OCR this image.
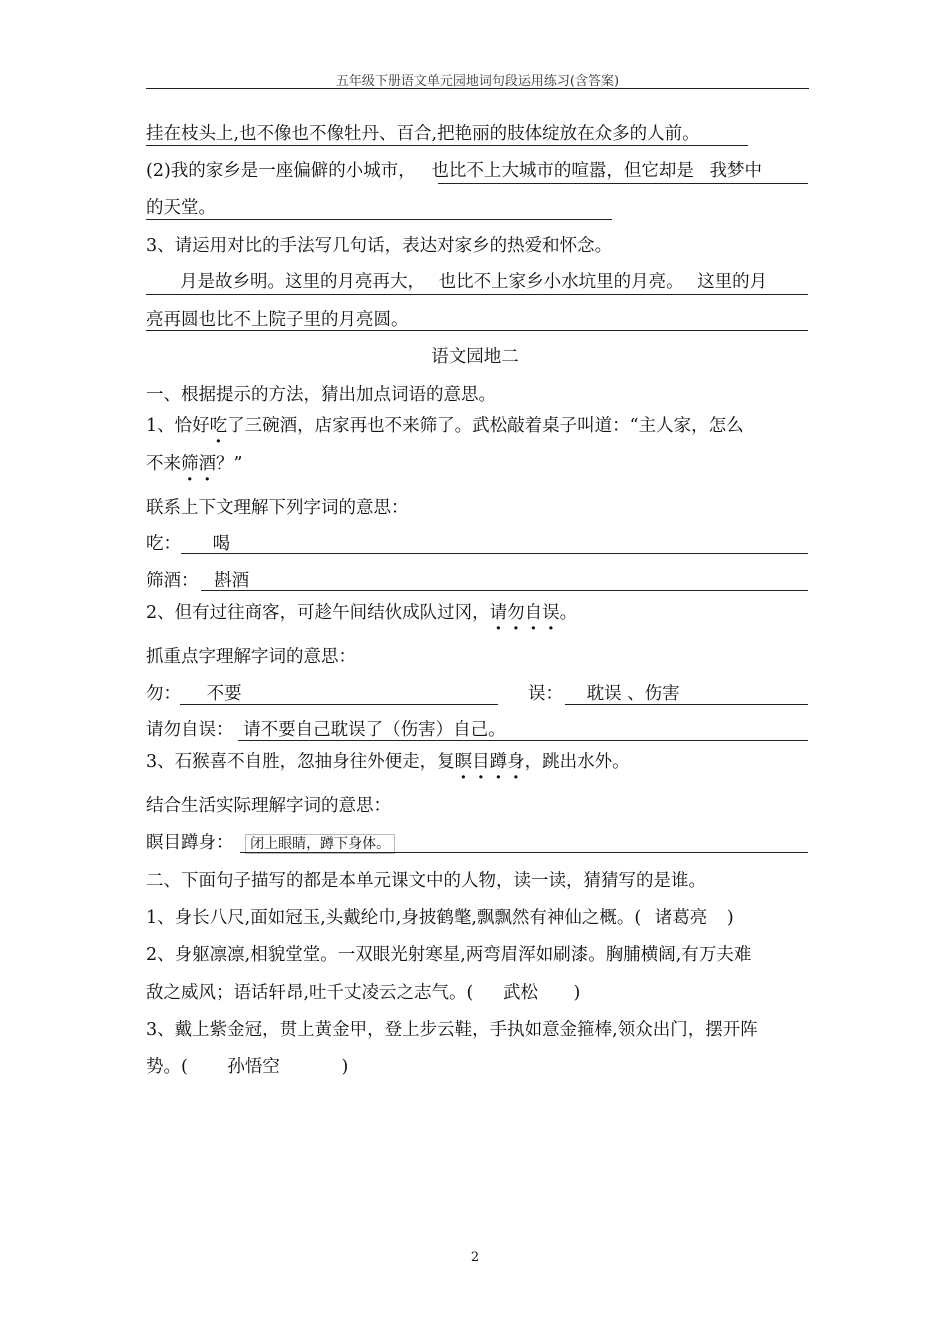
五年级下册语文单元园地词句段运用练习(含答案)
挂在枝头上,也不像也不像牡丹、百合,把艳丽的肢体绽放在众多的人前。
(2)我的家乡是一座偏僻的小城市， 也比不上大城市的喧嚣，但它却是 我梦中
的天堂。
3、请运用对比的手法写几句话，表达对家乡的热爱和怀念。
月是故乡明。这里的月亮再大， 也比不上家乡小水坑里的月亮。 这里的月
亮再圆也比不上院子里的月亮圆。
语文园地二
一、根据提示的方法，猜出加点词语的意思。
1、恰好吃了三碗酒，店家再也不来筛了。武松敲着桌子叫道：“主人家，怎么
不来筛酒？”
联系上下文理解下列字词的意思：
吃： 喝
筛酒： 斟酒
2、但有过往商客，可趁午间结伙成队过冈，请勿自误。
抓重点字理解字词的意思：
勿： 不要	误： 耽误 、伤害
请勿自误： 请不要自己耽误了（伤害）自己。
3、石猴喜不自胜，忽抽身往外便走，复瞑目蹲身，跳出水外。
结合生活实际理解字词的意思：
瞑目蹲身： 闭上眼睛，蹲下身体。
二、下面句子描写的都是本单元课文中的人物，读一读，猜猜写的是谁。
1、身长八尺,面如冠玉,头戴纶巾,身披鹤氅,飘飘然有神仙之概。( 诸葛亮 )
2、身躯凛凛,相貌堂堂。一双眼光射寒星,两弯眉浑如刷漆。胸脯横阔,有万夫难
敌之威风；语话轩昂,吐千丈凌云之志气。( 武松 )
3、戴上紫金冠，贯上黄金甲，登上步云鞋，手执如意金箍棒,领众出门，摆开阵
势。( 孙悟空	)
2
